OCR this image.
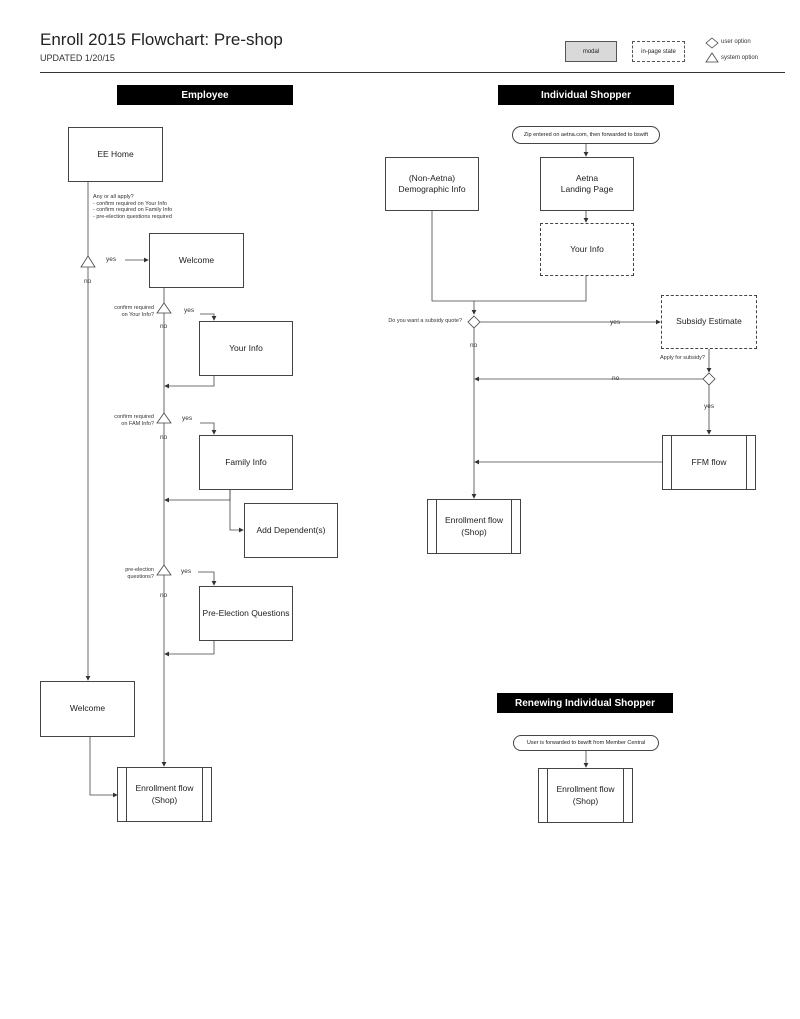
Enroll 2015 Flowchart: Pre-shop
UPDATED 1/20/15
modal	in-page state
user option
system option
Employee	Individual Shopper
Renewing Individual Shopper
EE Home
Any or all apply?
- confirm required on Your Info
- confirm required on Family Info
- pre-election questions required
yes
no
Welcome
confirm required
on Your Info?
yes
no
Your Info
confirm required
on FAM Info?
yes
no
Family Info
Add Dependent(s)
pre-election
questions?
yes
no
Pre-Election Questions
Welcome
Enrollment flow
(Shop)
Zip entered on aetna.com, then forwarded to bswift
(Non-Aetna)
Demographic Info
Aetna
Landing Page
Your Info
Do you want a subsidy quote?	yes
no
Subsidy Estimate
Apply for subsidy?
no
yes
FFM flow
Enrollment flow
(Shop)
User is forwarded to bswift from Member Central
Enrollment flow
(Shop)
